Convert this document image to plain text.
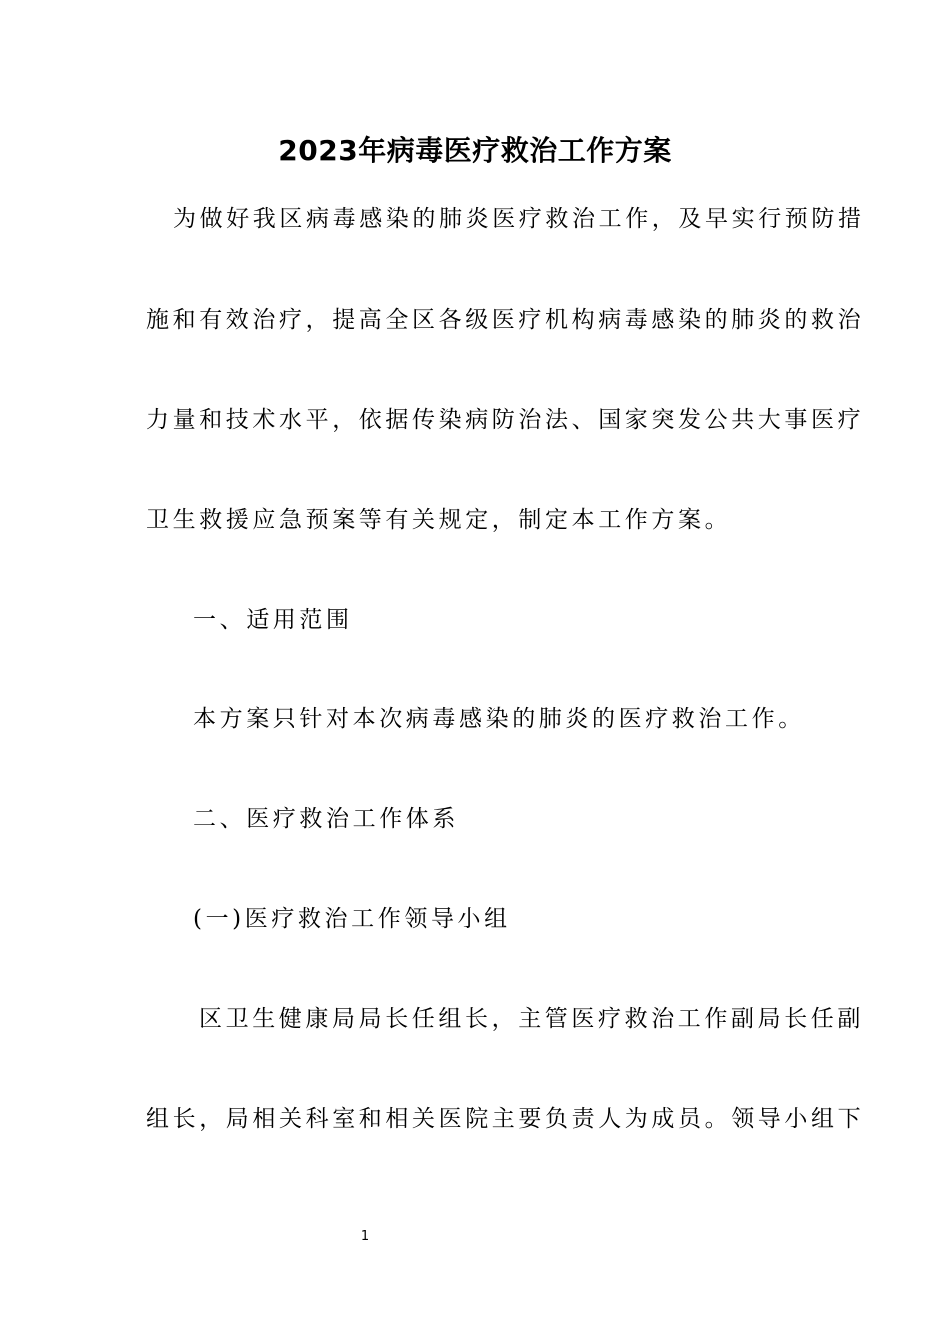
2023年病毒医疗救治工作方案
为做好我区病毒感染的肺炎医疗救治工作，及早实行预防措
施和有效治疗，提高全区各级医疗机构病毒感染的肺炎的救治
力量和技术水平，依据传染病防治法、国家突发公共大事医疗
卫生救援应急预案等有关规定，制定本工作方案。
一、适用范围
本方案只针对本次病毒感染的肺炎的医疗救治工作。
二、医疗救治工作体系
(一)医疗救治工作领导小组
区卫生健康局局长任组长，主管医疗救治工作副局长任副
组长，局相关科室和相关医院主要负责人为成员。领导小组下
1
